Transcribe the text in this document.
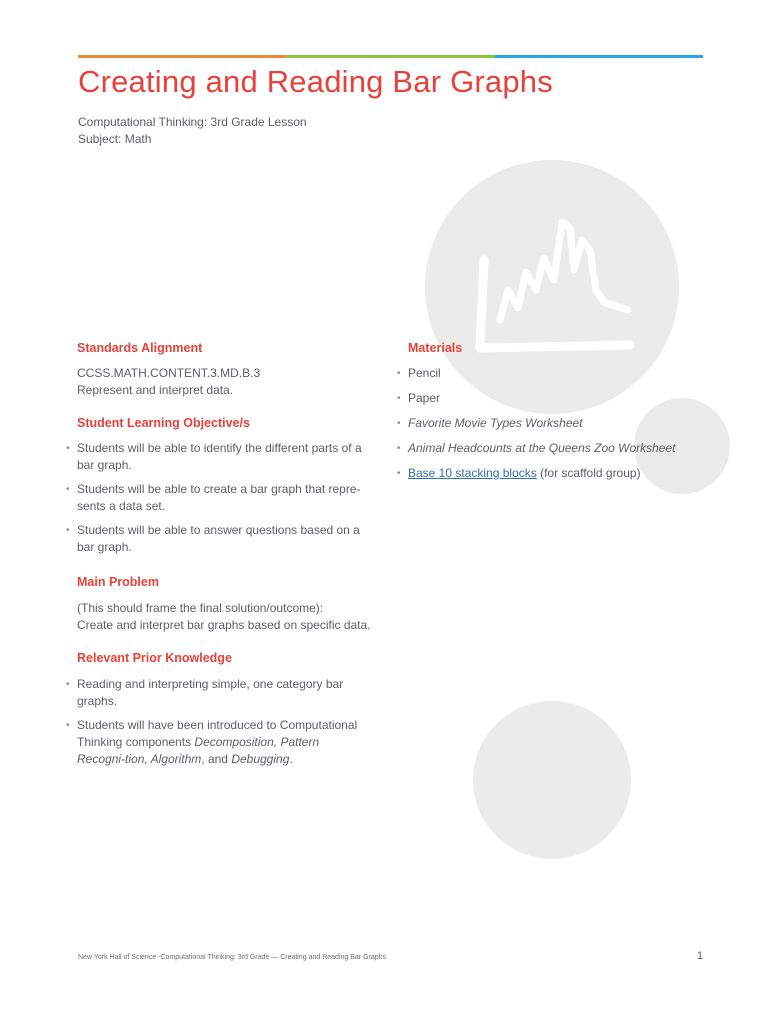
Creating and Reading Bar Graphs
Computational Thinking: 3rd Grade Lesson
Subject: Math
Standards Alignment
CCSS.MATH.CONTENT.3.MD.B.3
Represent and interpret data.
Student Learning Objective/s
• Students will be able to identify the different parts of a bar graph.
• Students will be able to create a bar graph that repre-sents a data set.
• Students will be able to answer questions based on a bar graph.
Main Problem
(This should frame the final solution/outcome):
Create and interpret bar graphs based on specific data.
Relevant Prior Knowledge
• Reading and interpreting simple, one category bar graphs.
• Students will have been introduced to Computational Thinking components Decomposition, Pattern Recogni-tion, Algorithm, and Debugging.
Materials
• Pencil
• Paper
• Favorite Movie Types Worksheet
• Animal Headcounts at the Queens Zoo Worksheet
• Base 10 stacking blocks (for scaffold group)
New York Hall of Science -Computational Thinking: 3rd Grade — Creating and Reading Bar Graphs	1
